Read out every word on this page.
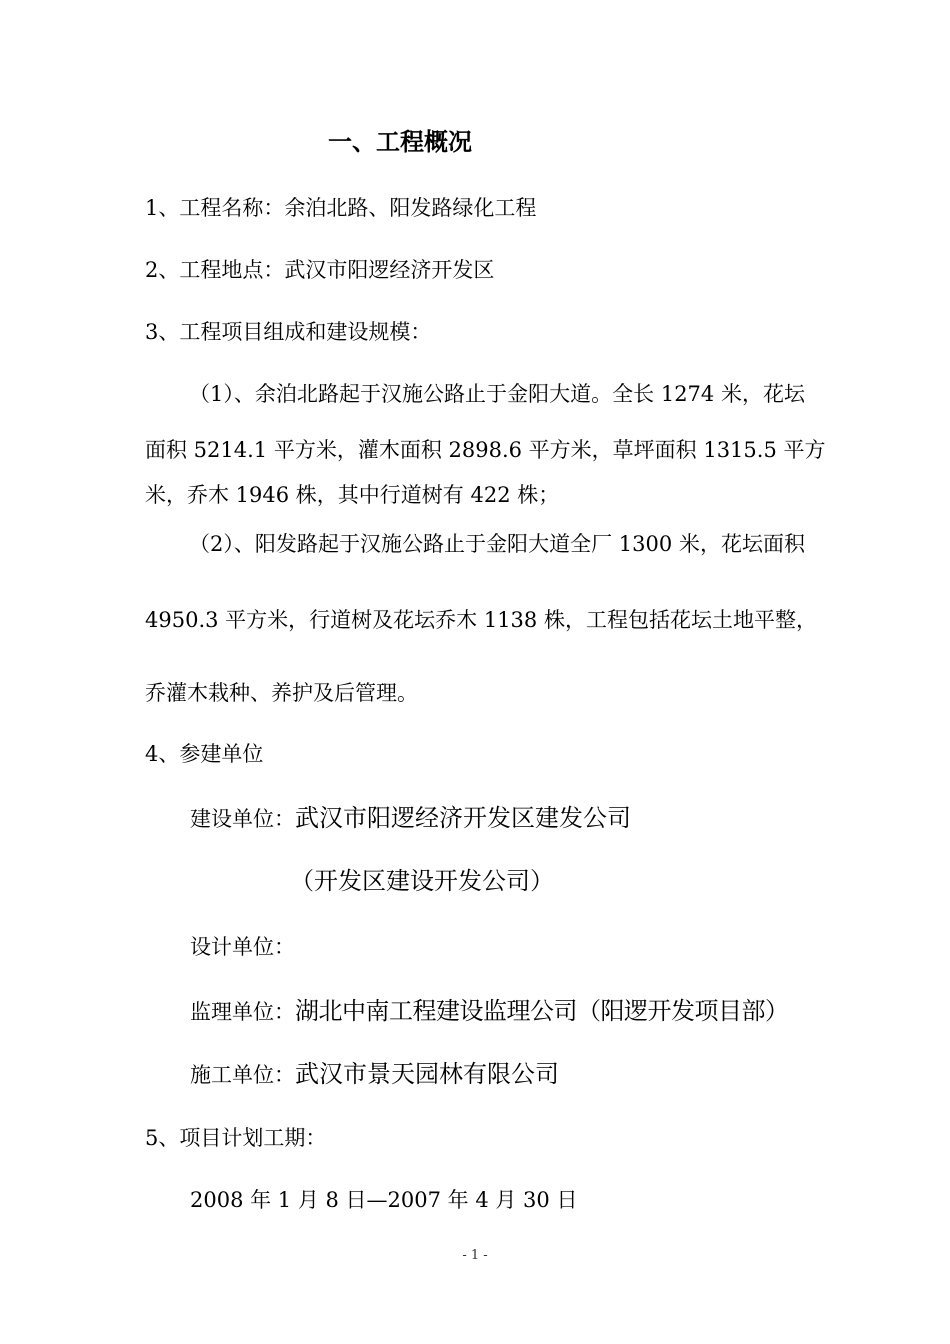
一、工程概况
1、工程名称：余泊北路、阳发路绿化工程
2、工程地点：武汉市阳逻经济开发区
3、工程项目组成和建设规模：
（1）、余泊北路起于汉施公路止于金阳大道。全长 1274 米，花坛
面积 5214.1 平方米，灌木面积 2898.6 平方米，草坪面积 1315.5 平方
米，乔木 1946 株，其中行道树有 422 株；
（2）、阳发路起于汉施公路止于金阳大道全厂 1300 米，花坛面积
4950.3 平方米，行道树及花坛乔木 1138 株，工程包括花坛土地平整，
乔灌木栽种、养护及后管理。
4、参建单位
建设单位：武汉市阳逻经济开发区建发公司
（开发区建设开发公司）
设计单位：
监理单位：湖北中南工程建设监理公司（阳逻开发项目部）
施工单位：武汉市景天园林有限公司
5、项目计划工期：
2008 年 1 月 8 日—2007 年 4 月 30 日
- 1 -
